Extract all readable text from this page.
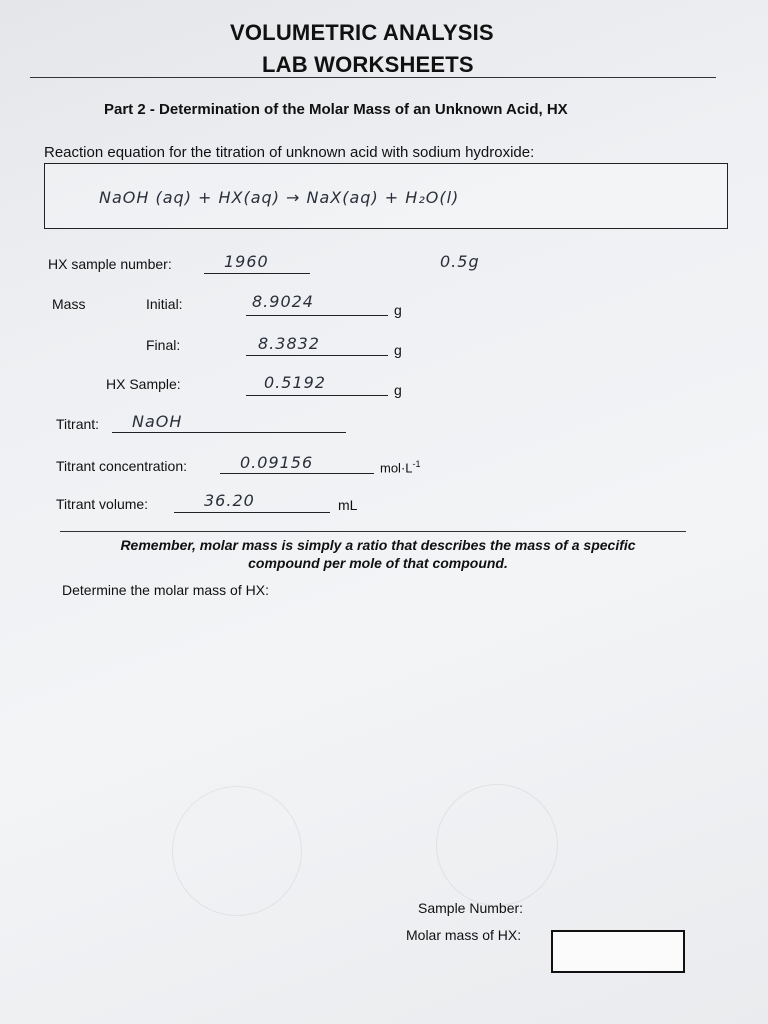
VOLUMETRIC ANALYSIS
LAB WORKSHEETS
Part 2 - Determination of the Molar Mass of an Unknown Acid, HX
Reaction equation for the titration of unknown acid with sodium hydroxide:
NaOH (aq) + HX(aq) → NaX(aq) + H₂O(l)
HX sample number:	1960	0.5g
Mass	Initial:	8.9024	g
Final:	8.3832	g
HX Sample:	0.5192	g
Titrant: NaOH
Titrant concentration:	0.09156	$mol\cdot L^{-1}$
Titrant volume:	36.20	mL
Remember, molar mass is simply a ratio that describes the mass of a specific
compound per mole of that compound.
Determine the molar mass of HX:
Sample Number:
Molar mass of HX:
